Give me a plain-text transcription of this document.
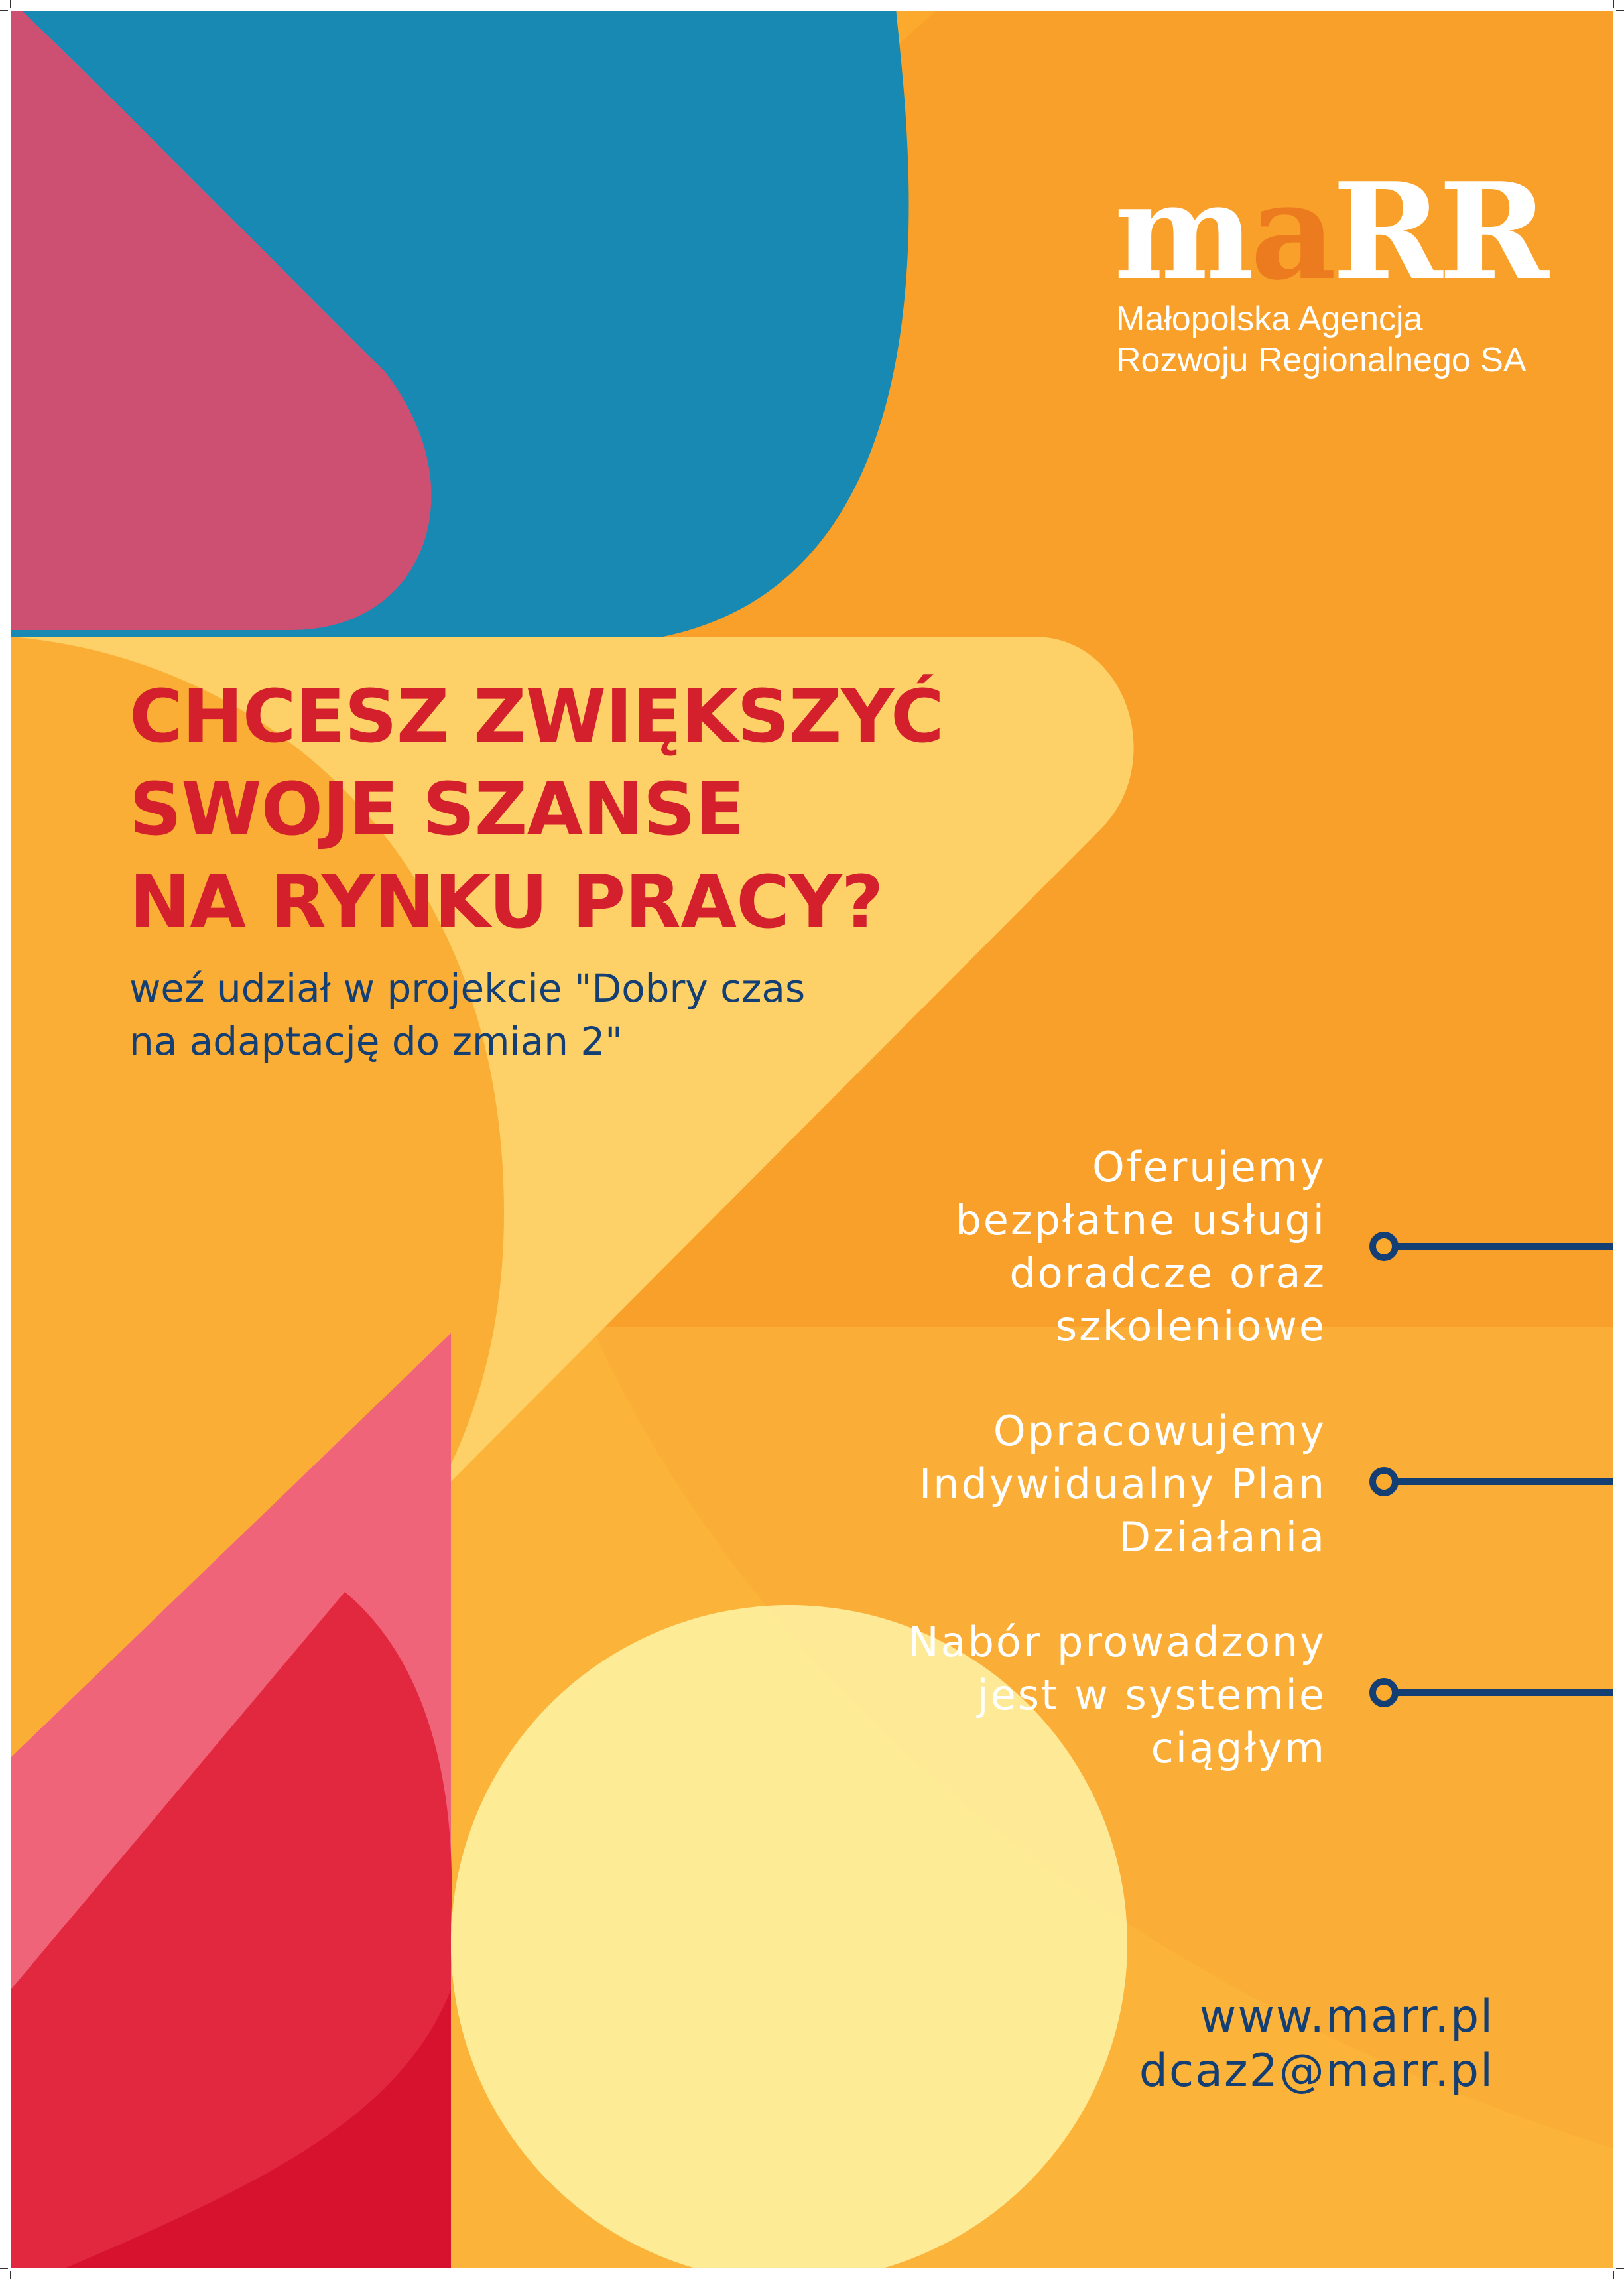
maRR
Małopolska Agencja
Rozwoju Regionalnego SA
CHCESZ ZWIĘKSZYĆ
SWOJE SZANSE
NA RYNKU PRACY?
weź udział w projekcie "Dobry czas
na adaptację do zmian 2"
Oferujemy
bezpłatne usługi
doradcze oraz
szkoleniowe
Opracowujemy
Indywidualny Plan
Działania
Nabór prowadzony
jest w systemie
ciągłym
www.marr.pl
dcaz2@marr.pl
